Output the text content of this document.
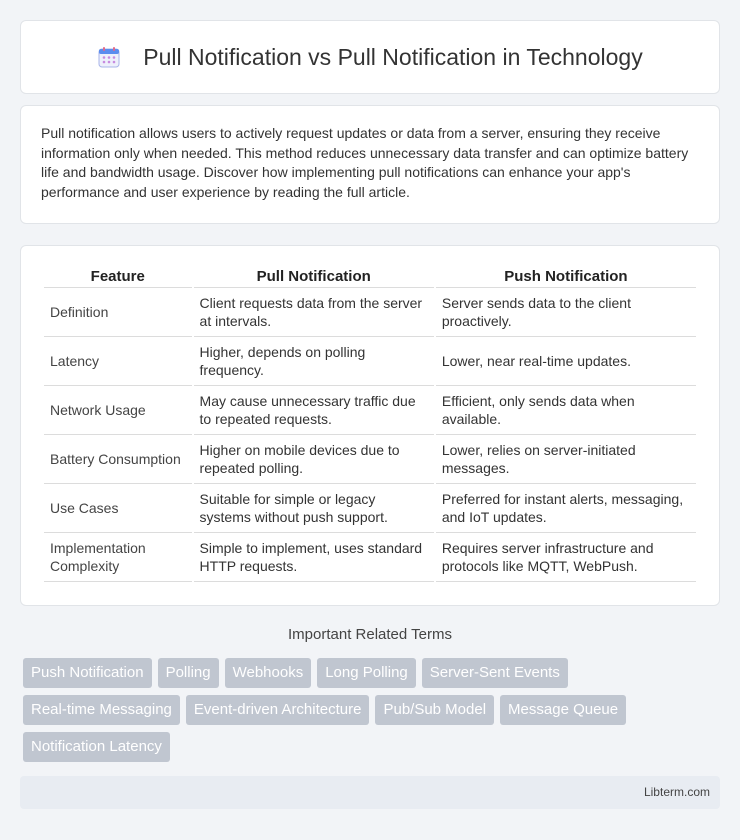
Pull Notification vs Pull Notification in Technology

Pull notification allows users to actively request updates or data from a server, ensuring they receive information only when needed. This method reduces unnecessary data transfer and can optimize battery life and bandwidth usage. Discover how implementing pull notifications can enhance your app's performance and user experience by reading the full article.

Feature	Pull Notification	Push Notification
Definition	Client requests data from the server at intervals.	Server sends data to the client proactively.
Latency	Higher, depends on polling frequency.	Lower, near real-time updates.
Network Usage	May cause unnecessary traffic due to repeated requests.	Efficient, only sends data when available.
Battery Consumption	Higher on mobile devices due to repeated polling.	Lower, relies on server-initiated messages.
Use Cases	Suitable for simple or legacy systems without push support.	Preferred for instant alerts, messaging, and IoT updates.
Implementation Complexity	Simple to implement, uses standard HTTP requests.	Requires server infrastructure and protocols like MQTT, WebPush.
Important Related Terms
Push Notification	Polling	Webhooks	Long Polling	Server-Sent Events
Real-time Messaging	Event-driven Architecture	Pub/Sub Model	Message Queue
Notification Latency
Libterm.com
